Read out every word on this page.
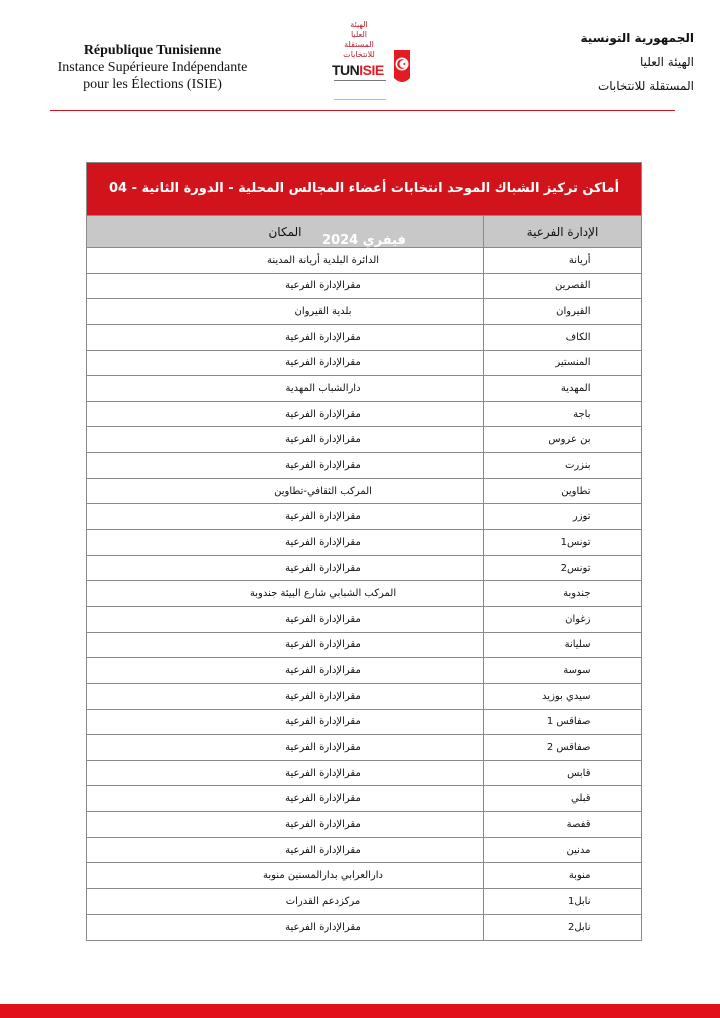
République Tunisienne
Instance Supérieure Indépendante
pour les Élections (ISIE)
الهيئة
العليا
المستقلة
للانتخابات
TUNISIE
الجمهورية التونسية
الهيئة العليا
المستقلة للانتخابات
أماكن تركيز الشباك الموحد انتخابات أعضاء المجالس المحلية - الدورة الثانية - 04 فيفري 2024
الإدارة الفرعية
المكان
أريانة
الدائرة البلدية أريانة المدينة
القصرين
مقرالإدارة الفرعية
القيروان
بلدية القيروان
الكاف
مقرالإدارة الفرعية
المنستير
مقرالإدارة الفرعية
المهدية
دارالشباب المهدية
باجة
مقرالإدارة الفرعية
بن عروس
مقرالإدارة الفرعية
بنزرت
مقرالإدارة الفرعية
تطاوين
المركب الثقافي-تطاوين
توزر
مقرالإدارة الفرعية
تونس1
مقرالإدارة الفرعية
تونس2
مقرالإدارة الفرعية
جندوبة
المركب الشبابي شارع البيئة جندوبة
زغوان
مقرالإدارة الفرعية
سليانة
مقرالإدارة الفرعية
سوسة
مقرالإدارة الفرعية
سيدي بوزيد
مقرالإدارة الفرعية
صفاقس 1
مقرالإدارة الفرعية
صفاقس 2
مقرالإدارة الفرعية
قابس
مقرالإدارة الفرعية
قبلي
مقرالإدارة الفرعية
قفصة
مقرالإدارة الفرعية
مدنين
مقرالإدارة الفرعية
منوبة
دارالعرابي بدارالمسنين منوبة
نابل1
مركزدعم القدرات
نابل2
مقرالإدارة الفرعية
